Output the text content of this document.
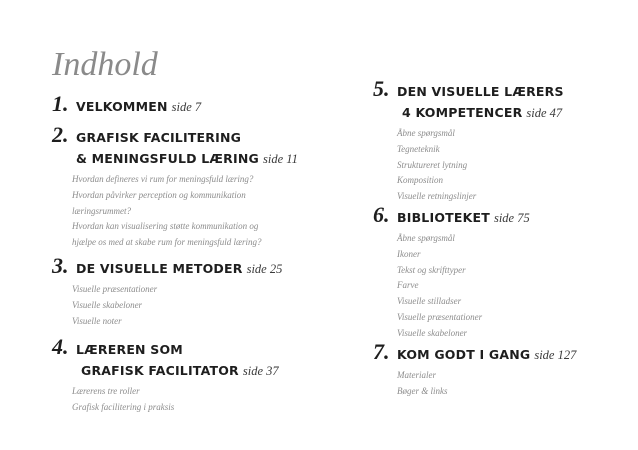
Indhold
1. VELKOMMEN side 7
2. GRAFISK FACILITERING
& MENINGSFULD LÆRING side 11
Hvordan defineres vi rum for meningsfuld læring?
Hvordan påvirker perception og kommunikation
læringsrummet?
Hvordan kan visualisering støtte kommunikation og
hjælpe os med at skabe rum for meningsfuld læring?
3. DE VISUELLE METODER side 25
Visuelle præsentationer
Visuelle skabeloner
Visuelle noter
4. LÆREREN SOM
GRAFISK FACILITATOR side 37
Lærerens tre roller
Grafisk facilitering i praksis
5. DEN VISUELLE LÆRERS
4 KOMPETENCER side 47
Åbne spørgsmål
Tegneteknik
Struktureret lytning
Komposition
Visuelle retningslinjer
6. BIBLIOTEKET side 75
Åbne spørgsmål
Ikoner
Tekst og skrifttyper
Farve
Visuelle stilladser
Visuelle præsentationer
Visuelle skabeloner
7. KOM GODT I GANG side 127
Materialer
Bøger & links
